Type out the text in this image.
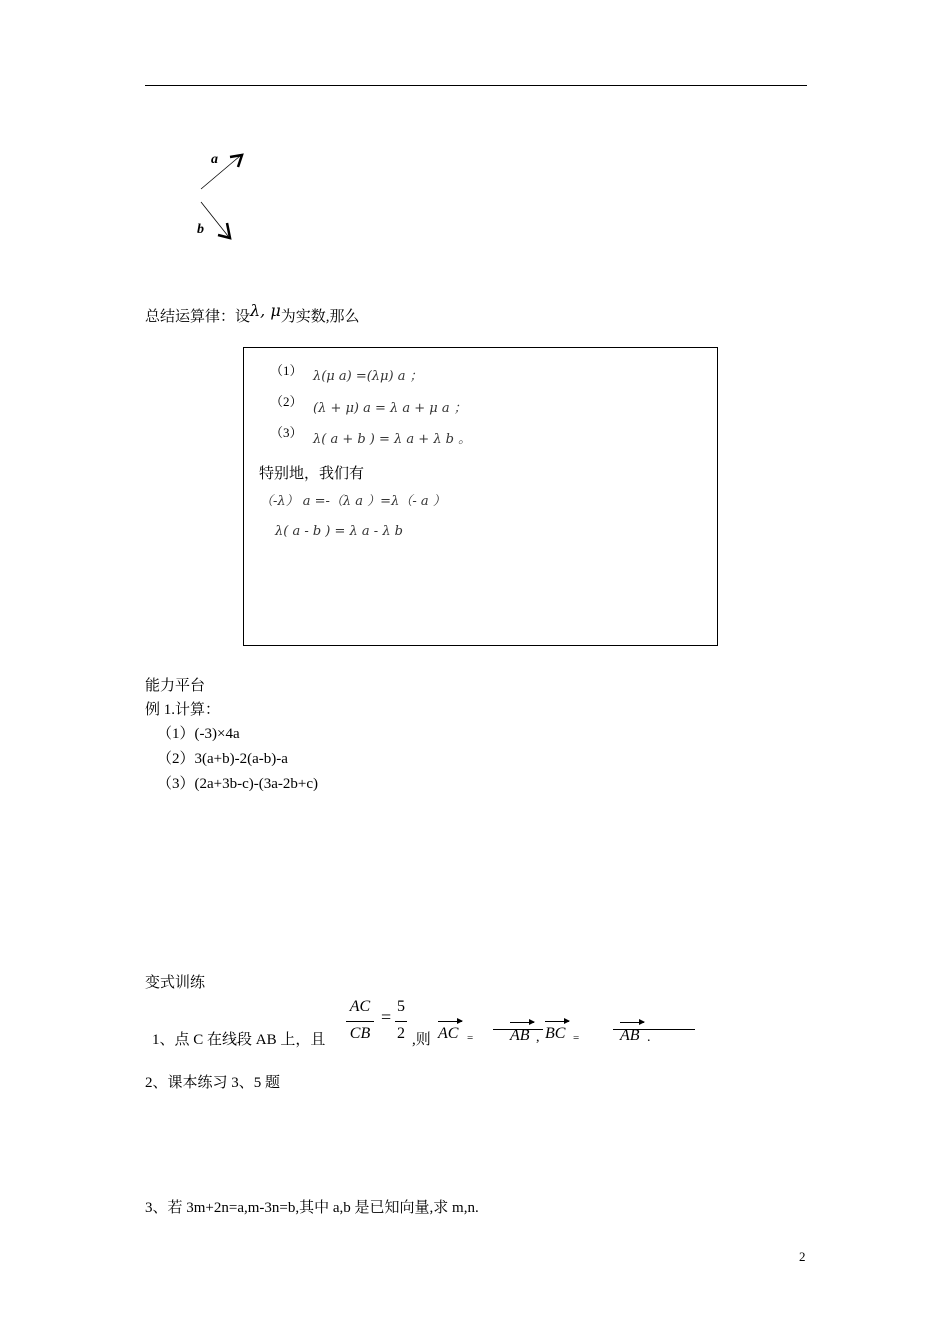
a
b
总结运算律：设λ, μ为实数,那么
（1） λ(μ a) =(λμ) a ；
（2） (λ + μ) a = λ a + μ a ；
（3） λ( a + b ) = λ a + λ b 。
特别地，我们有
（-λ） a =-（λ a ）=λ（- a ）
λ( a - b ) = λ a - λ b
能力平台
例 1.计算：
（1）(-3)×4a
（2）3(a+b)-2(a-b)-a
（3）(2a+3b-c)-(3a-2b+c)
变式训练
1、点 C 在线段 AB 上，且
AC
CB
=
5
2 ,则 AC = AB , BC =	AB .
2、课本练习 3、5 题
3、若 3m+2n=a,m-3n=b,其中 a,b 是已知向量,求 m,n.
2
